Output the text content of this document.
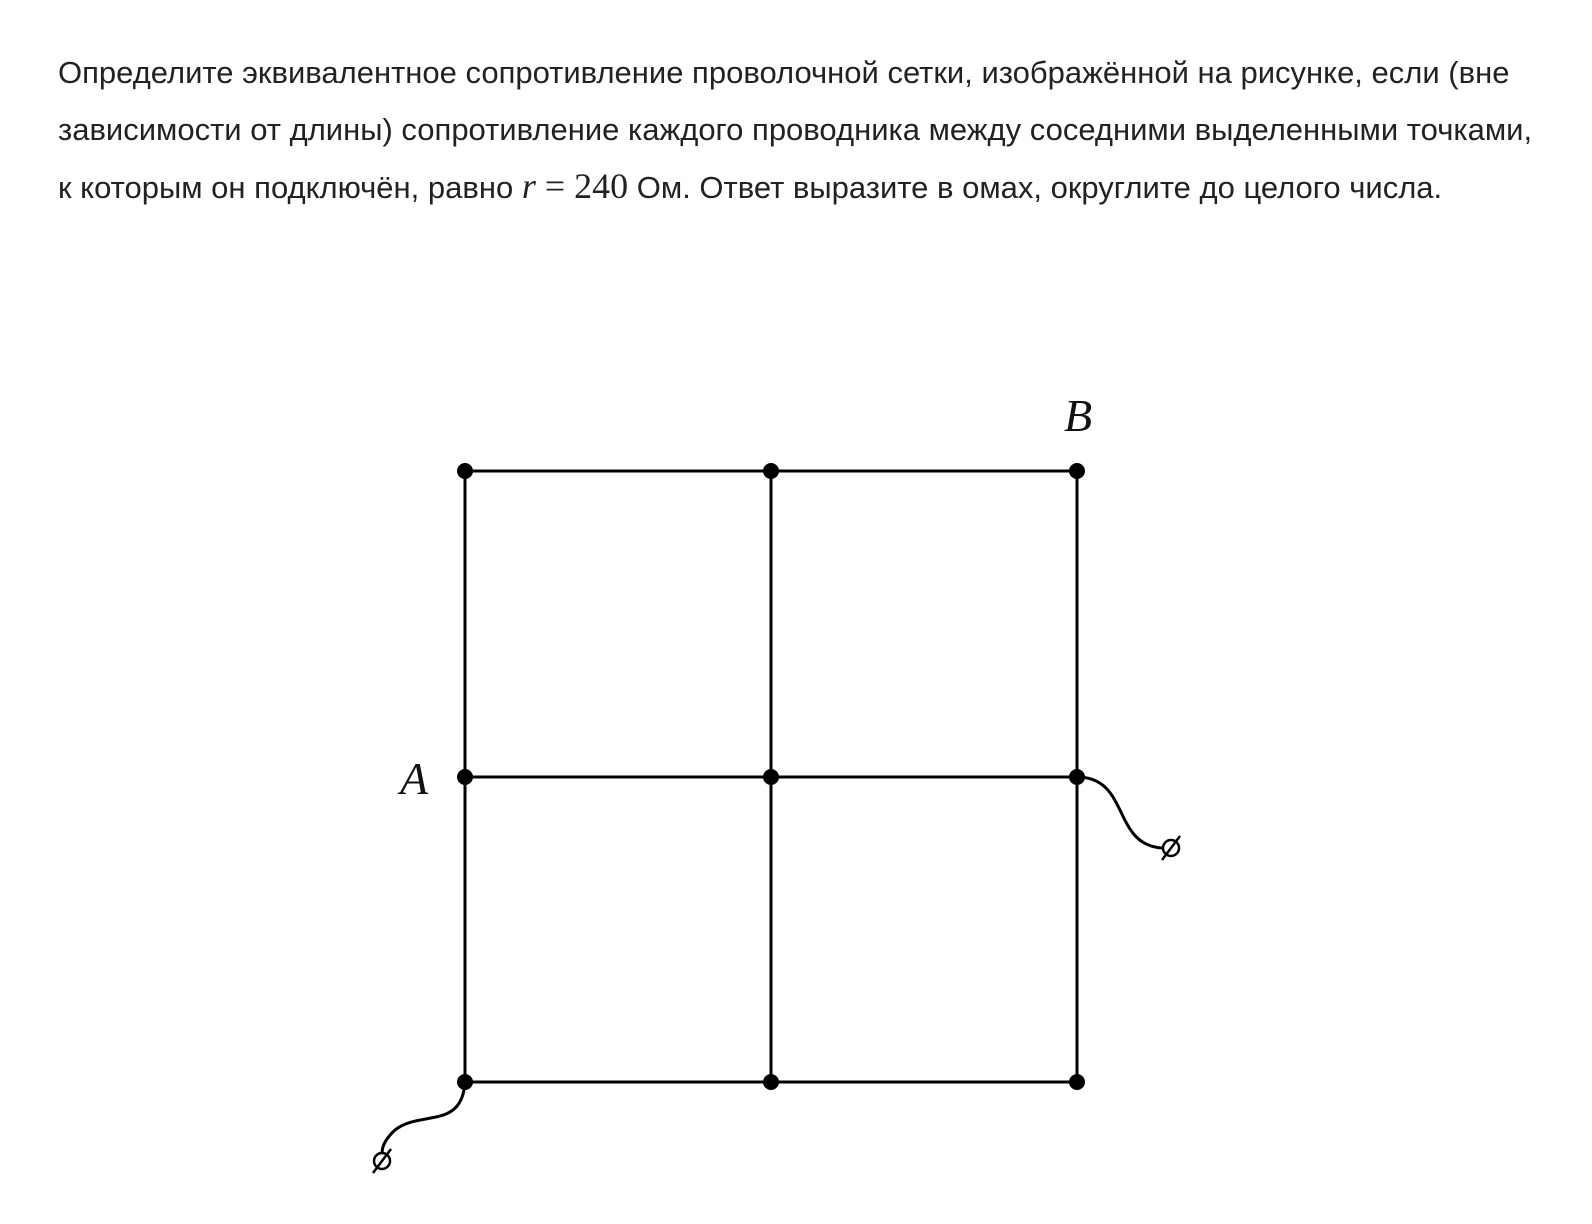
Определите эквивалентное сопротивление проволочной сетки, изображённой на рисунке, если (вне зависимости от длины) сопротивление каждого проводника между соседними выделенными точками, к которым он подключён, равно r = 240 Ом. Ответ выразите в омах, округлите до целого числа.

A
B
